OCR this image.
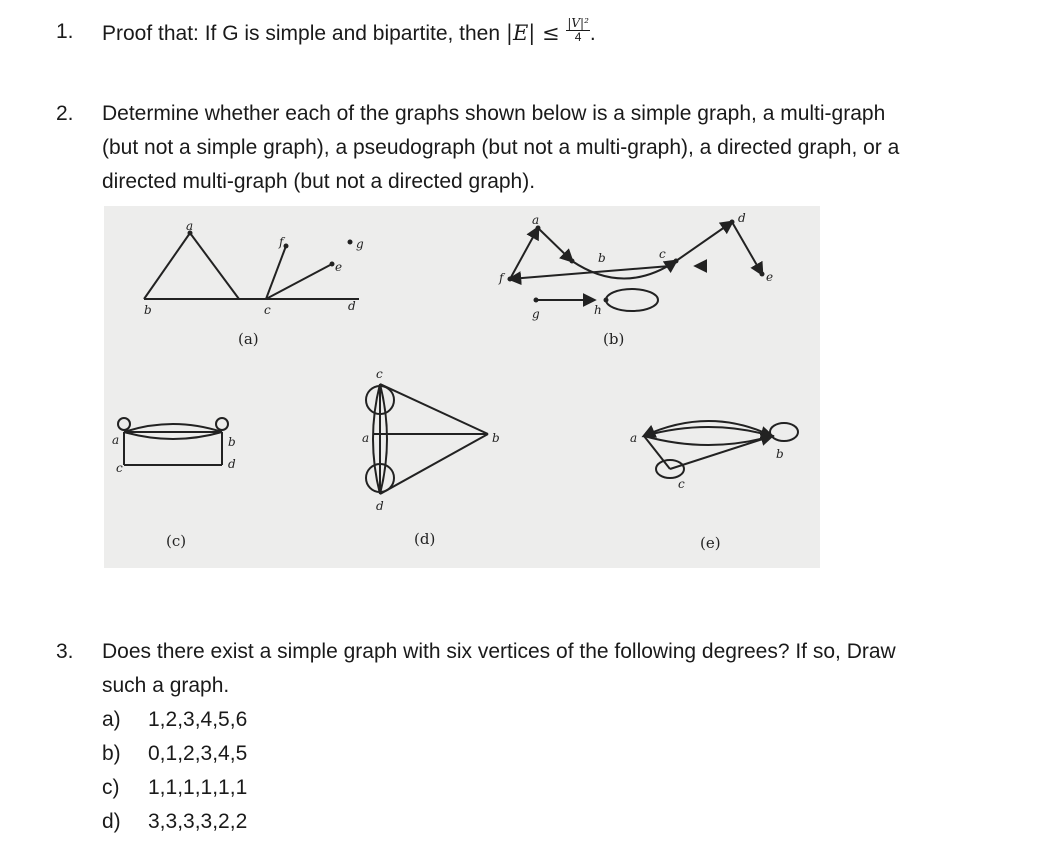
1. Proof that: If G is simple and bipartite, then $|E| \le \frac{\text{|V|²}}{4}$ .
2. Determine whether each of the graphs shown below is a simple graph, a multi-graph
(but not a simple graph), a pseudograph (but not a multi-graph), a directed graph, or a
directed multi-graph (but not a directed graph).
a
b	c	d
e
f	g
(a)
a
b	c
d
e
f
g	h
(b)
a	b
c	d
(c)
c
a	b
d
(d)
a
b
c
(e)
3. Does there exist a simple graph with six vertices of the following degrees? If so, Draw
such a graph.
a) 1,2,3,4,5,6
b) 0,1,2,3,4,5
c) 1,1,1,1,1,1
d) 3,3,3,3,2,2
